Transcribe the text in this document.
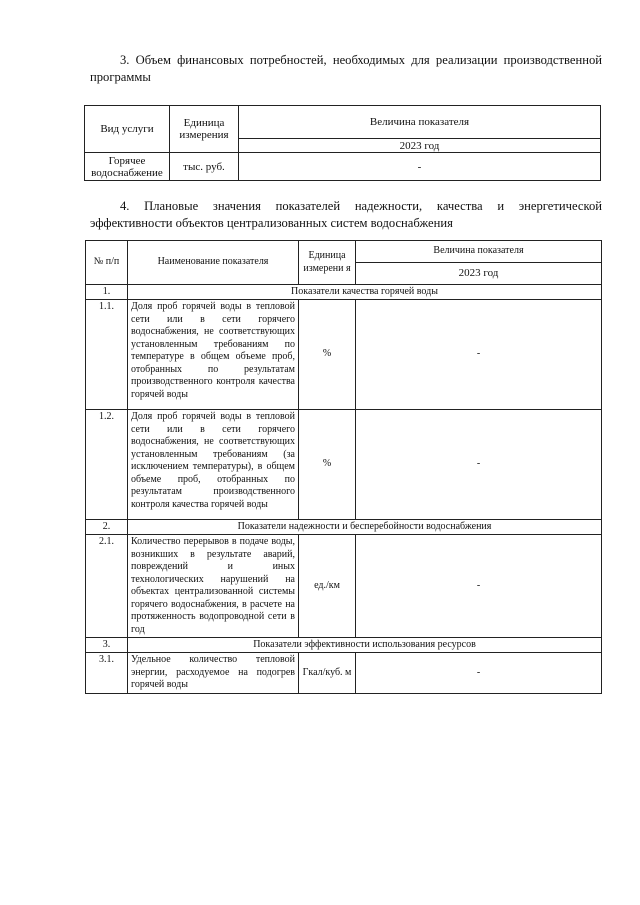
3. Объем финансовых потребностей, необходимых для реализации производственной программы

Вид услуги	Единица измерения	Величина показателя
		2023 год
Горячее водоснабжение	тыс. руб.	-

4. Плановые значения показателей надежности, качества и энергетической эффективности объектов централизованных систем водоснабжения

№ п/п	Наименование показателя	Единица измерени я	Величина показателя
			2023 год
1.	Показатели качества горячей воды		
1.1.	Доля проб горячей воды в тепловой сети или в сети горячего водоснабжения, не соответствующих установленным требованиям по температуре в общем объеме проб, отобранных по результатам производственного контроля качества горячей воды	%	-
1.2.	Доля проб горячей воды в тепловой сети или в сети горячего водоснабжения, не соответствующих установленным требованиям (за исключением температуры), в общем объеме проб, отобранных по результатам производственного контроля качества горячей воды	%	-
2.	Показатели надежности и бесперебойности водоснабжения		
2.1.	Количество перерывов в подаче воды, возникших в результате аварий, повреждений и иных технологических нарушений на объектах централизованной системы горячего водоснабжения, в расчете на протяженность водопроводной сети в год	ед./км	-
3.	Показатели эффективности использования ресурсов		
3.1.	Удельное количество тепловой энергии, расходуемое на подогрев горячей воды	Гкал/куб. м	-
